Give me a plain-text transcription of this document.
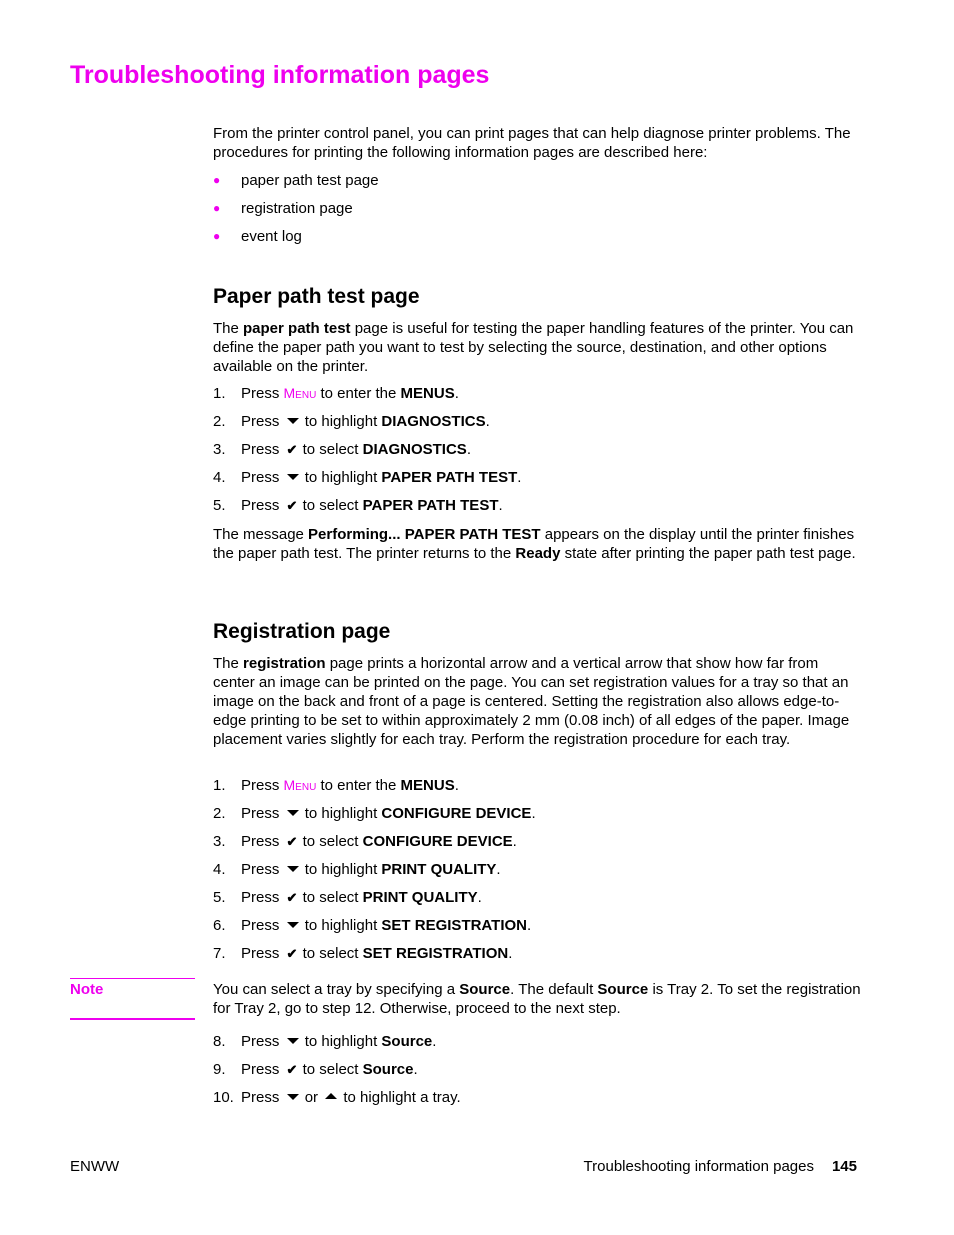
Troubleshooting information pages

From the printer control panel, you can print pages that can help diagnose printer problems. The procedures for printing the following information pages are described here:

● paper path test page
● registration page
● event log
Paper path test page

The paper path test page is useful for testing the paper handling features of the printer. You can define the paper path you want to test by selecting the source, destination, and other options available on the printer.

1. Press Menu to enter the MENUS.
2. Press to highlight DIAGNOSTICS.
3. Press ✔ to select DIAGNOSTICS.
4. Press to highlight PAPER PATH TEST.
5. Press ✔ to select PAPER PATH TEST.

The message Performing... PAPER PATH TEST appears on the display until the printer finishes the paper path test. The printer returns to the Ready state after printing the paper path test page.

Registration page

The registration page prints a horizontal arrow and a vertical arrow that show how far from center an image can be printed on the page. You can set registration values for a tray so that an image on the back and front of a page is centered. Setting the registration also allows edge-to-edge printing to be set to within approximately 2 mm (0.08 inch) of all edges of the paper. Image placement varies slightly for each tray. Perform the registration procedure for each tray.

1. Press Menu to enter the MENUS.
2. Press to highlight CONFIGURE DEVICE.
3. Press ✔ to select CONFIGURE DEVICE.
4. Press to highlight PRINT QUALITY.
5. Press ✔ to select PRINT QUALITY.
6. Press to highlight SET REGISTRATION.
7. Press ✔ to select SET REGISTRATION.
Note	You can select a tray by specifying a Source. The default Source is Tray 2. To set the registration for Tray 2, go to step 12. Otherwise, proceed to the next step.

8. Press to highlight Source.
9. Press ✔ to select Source.
10. Press or to highlight a tray.
ENWW	Troubleshooting information pages 145
